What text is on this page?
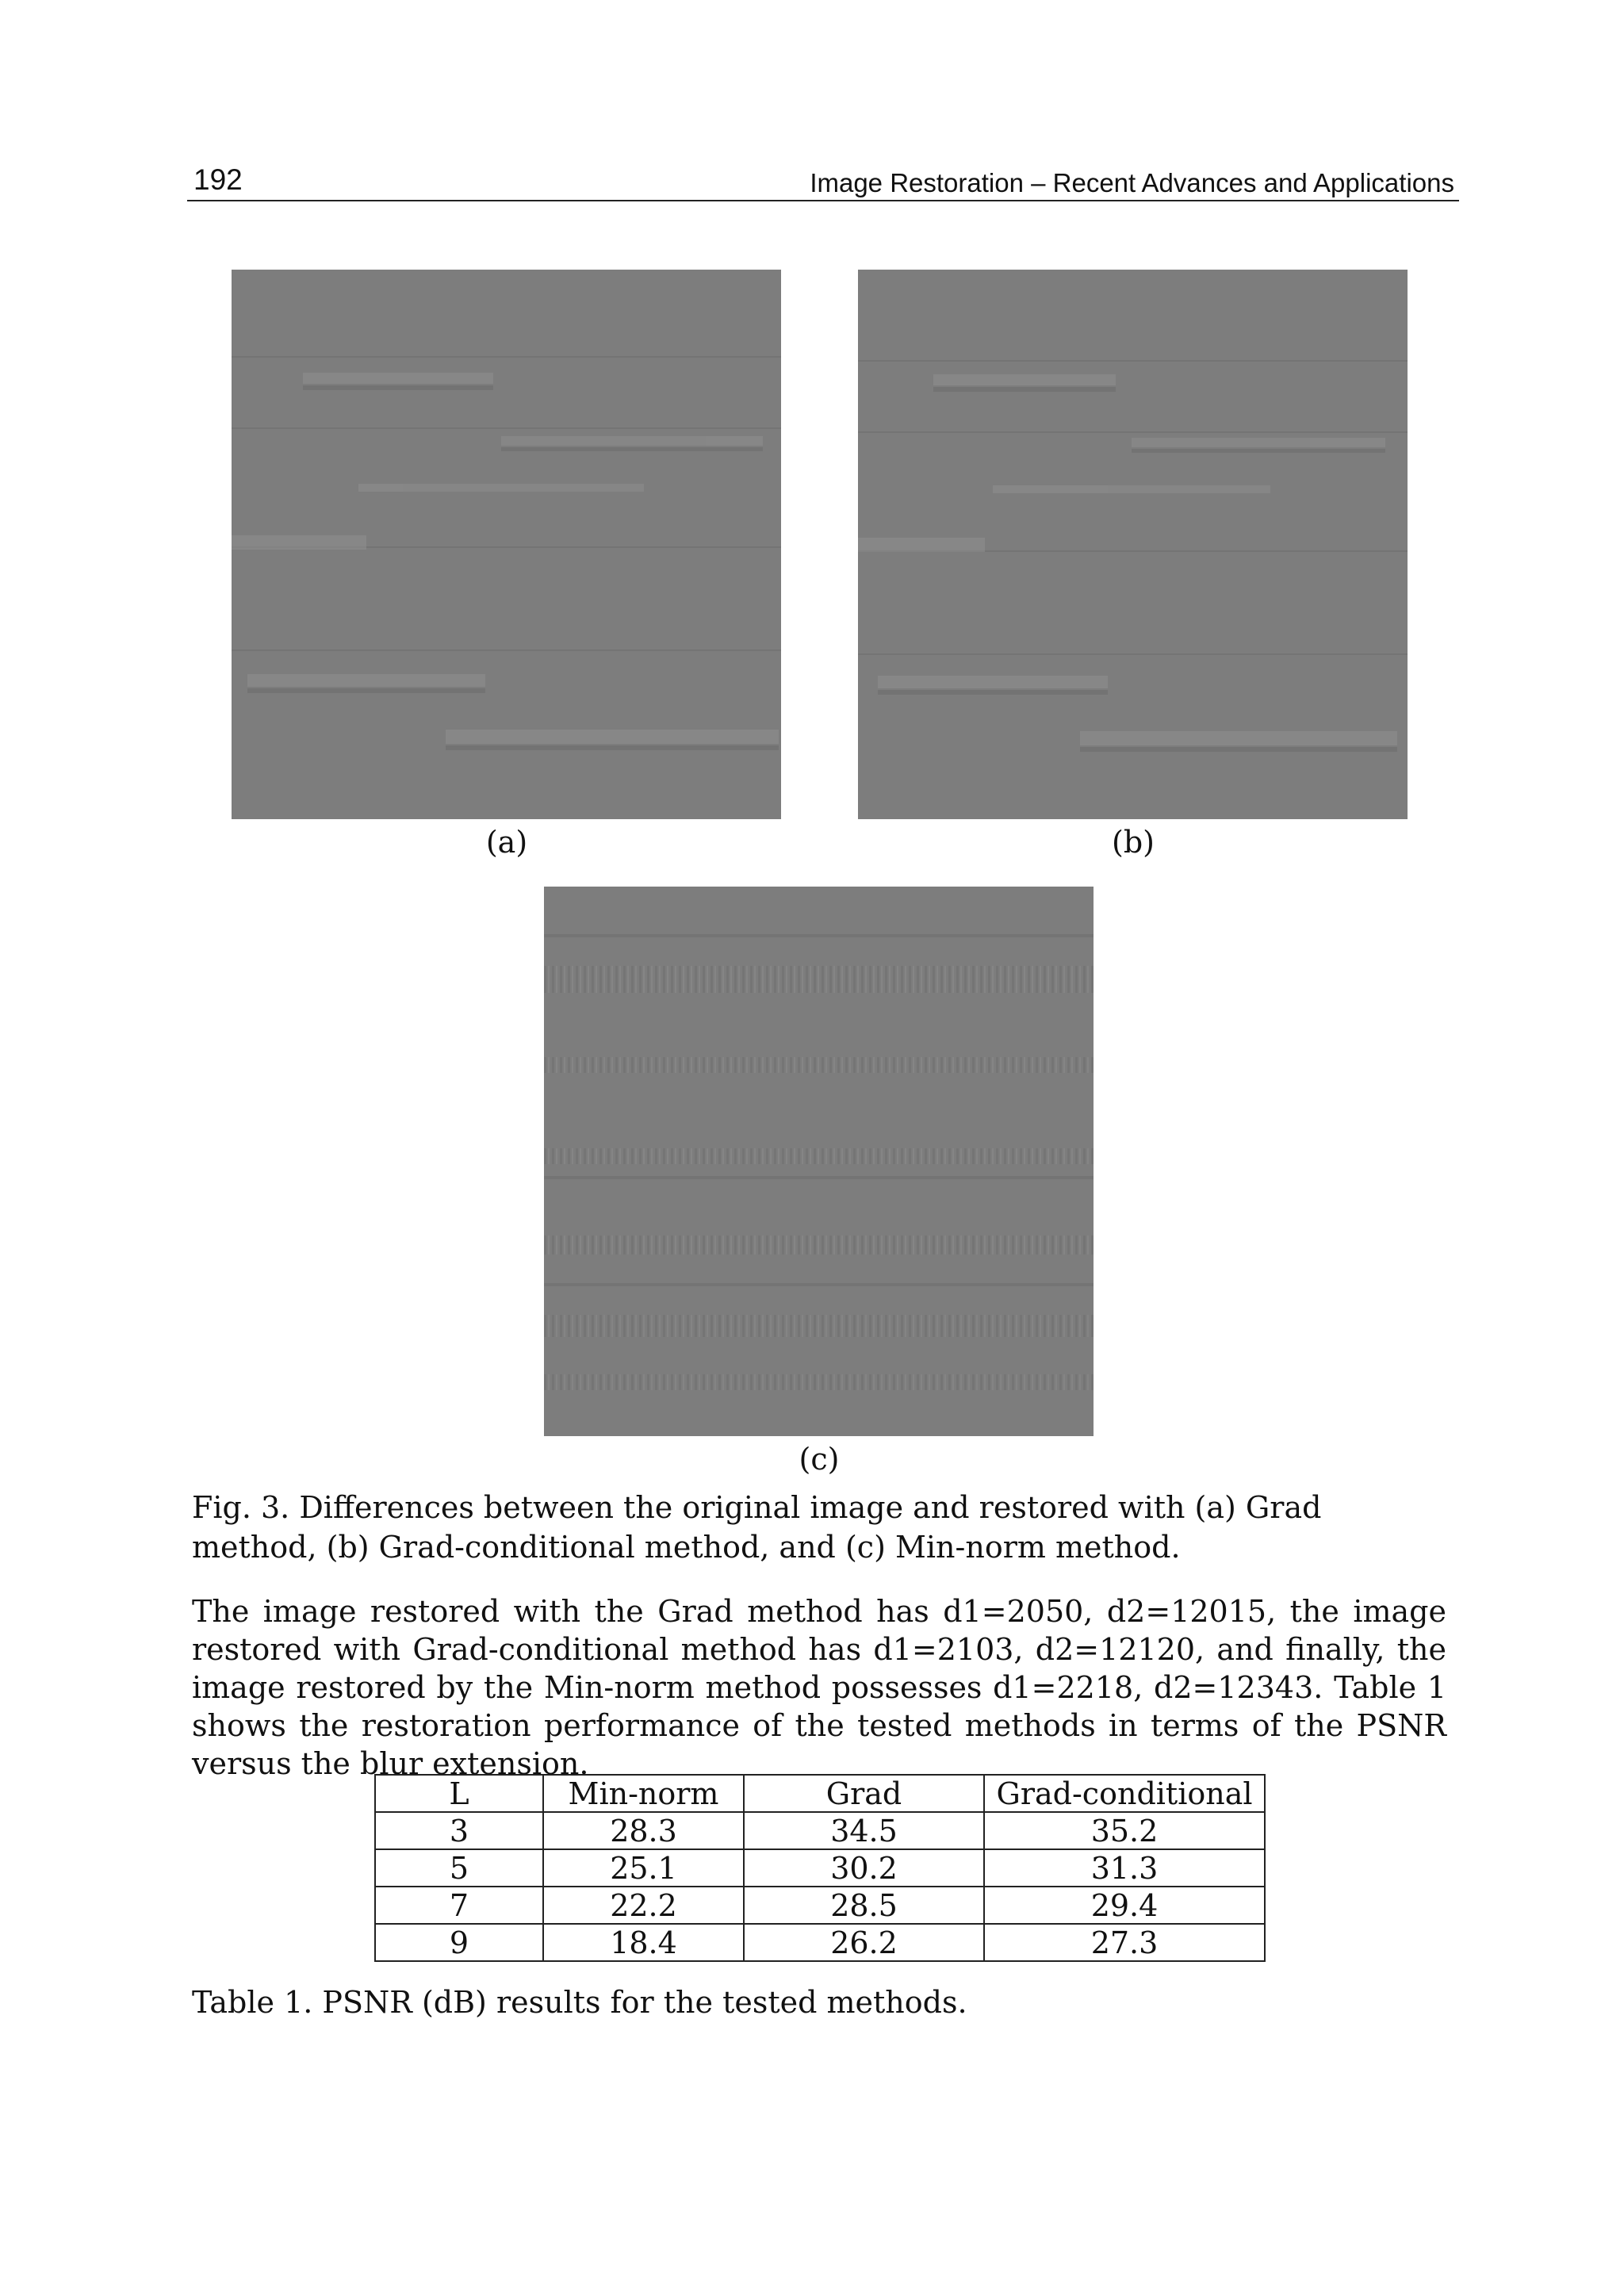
192	Image Restoration – Recent Advances and Applications
(a)	(b)
(c)
Fig. 3. Differences between the original image and restored with (a) Grad method, (b) Grad-conditional method, and (c) Min-norm method.
The image restored with the Grad method has d1=2050, d2=12015, the image restored with Grad-conditional method has d1=2103, d2=12120, and finally, the image restored by the Min-norm method possesses d1=2218, d2=12343. Table 1 shows the restoration performance of the tested methods in terms of the PSNR versus the blur extension.
L	Min-norm	Grad	Grad-conditional
3	28.3	34.5	35.2
5	25.1	30.2	31.3
7	22.2	28.5	29.4
9	18.4	26.2	27.3
Table 1. PSNR (dB) results for the tested methods.
